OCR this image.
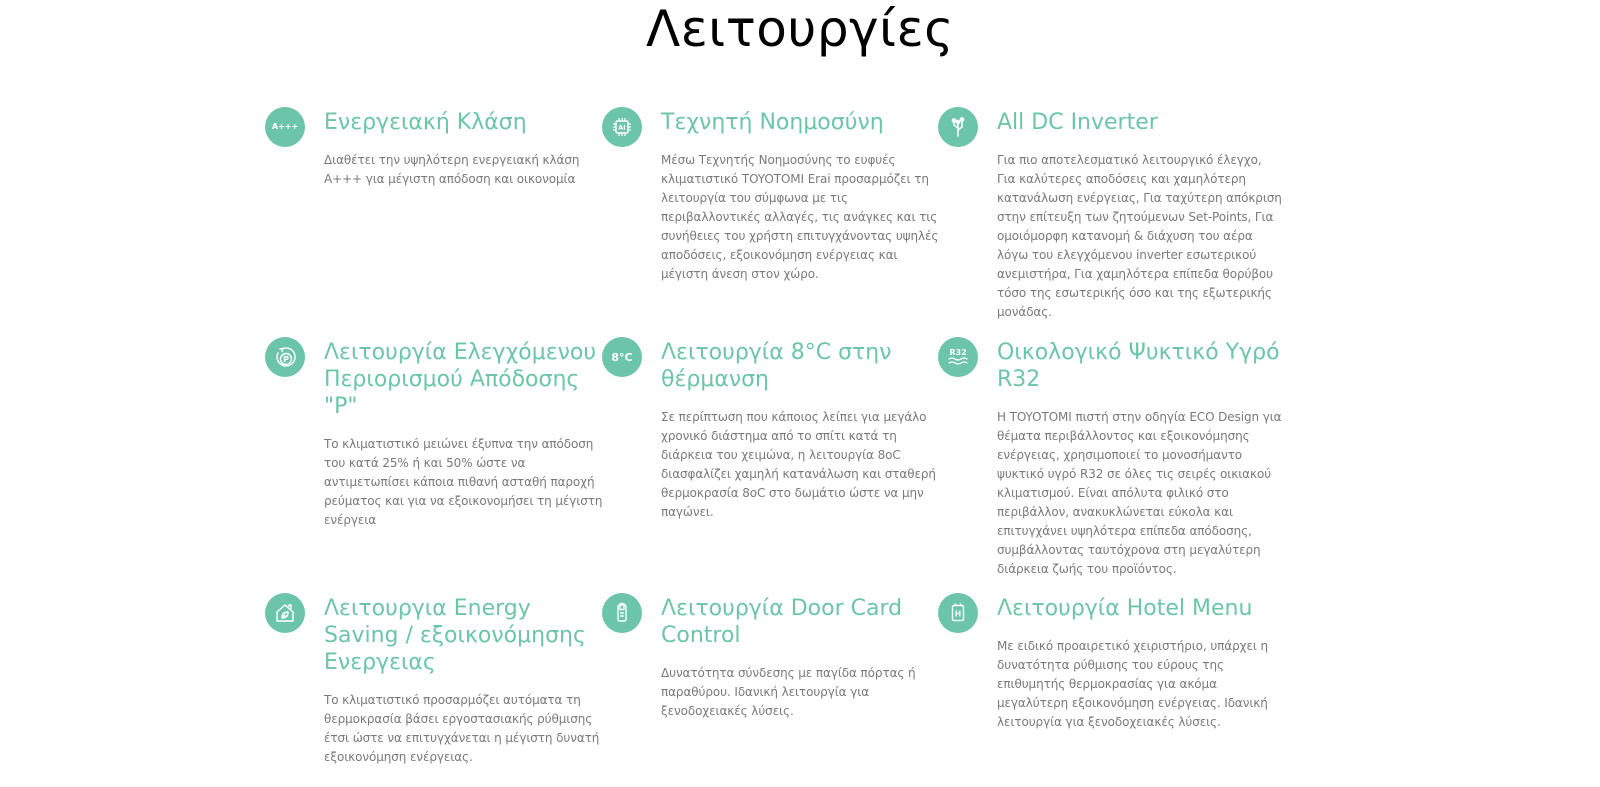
Λειτουργίες
A+++ Ενεργειακή Κλάση

Διαθέτει την υψηλότερη ενεργειακή κλάση A+++ για μέγιστη απόδοση και οικονομία

AI Τεχνητή Νοημοσύνη

Μέσω Τεχνητής Νοημοσύνης το ευφυές κλιματιστικό TOYOTOMI Erai προσαρμόζει τη λειτουργία του σύμφωνα με τις περιβαλλοντικές αλλαγές, τις ανάγκες και τις συνήθειες του χρήστη επιτυγχάνοντας υψηλές αποδόσεις, εξοικονόμηση ενέργειας και μέγιστη άνεση στον χώρο.

All DC Inverter

Για πιο αποτελεσματικό λειτουργικό έλεγχο, Για καλύτερες αποδόσεις και χαμηλότερη κατανάλωση ενέργειας, Για ταχύτερη απόκριση στην επίτευξη των ζητούμενων Set-Points, Για ομοιόμορφη κατανομή & διάχυση του αέρα λόγω του ελεγχόμενου inverter εσωτερικού ανεμιστήρα, Για χαμηλότερα επίπεδα θορύβου τόσο της εσωτερικής όσο και της εξωτερικής μονάδας.

P Λειτουργία Ελεγχόμενου Περιορισμού Απόδοσης "P"

Το κλιματιστικό μειώνει έξυπνα την απόδοση του κατά 25% ή και 50% ώστε να αντιμετωπίσει κάποια πιθανή ασταθή παροχή ρεύματος και για να εξοικονομήσει τη μέγιστη ενέργεια

8°C Λειτουργία 8°C στην θέρμανση

Σε περίπτωση που κάποιος λείπει για μεγάλο χρονικό διάστημα από το σπίτι κατά τη διάρκεια του χειμώνα, η λειτουργία 8oC διασφαλίζει χαμηλή κατανάλωση και σταθερή θερμοκρασία 8oC στο δωμάτιο ώστε να μην παγώνει.

R32 Οικολογικό Ψυκτικό Υγρό R32

Η TOYOTOMI πιστή στην οδηγία ECO Design για θέματα περιβάλλοντος και εξοικονόμησης ενέργειας, χρησιμοποιεί το μονοσήμαντο ψυκτικό υγρό R32 σε όλες τις σειρές οικιακού κλιματισμού. Είναι απόλυτα φιλικό στο περιβάλλον, ανακυκλώνεται εύκολα και επιτυγχάνει υψηλότερα επίπεδα απόδοσης, συμβάλλοντας ταυτόχρονα στη μεγαλύτερη διάρκεια ζωής του προϊόντος.

Λειτουργια Energy Saving / εξοικονόμησης Ενεργειας

Το κλιματιστικό προσαρμόζει αυτόματα τη θερμοκρασία βάσει εργοστασιακής ρύθμισης έτσι ώστε να επιτυγχάνεται η μέγιστη δυνατή εξοικονόμηση ενέργειας.

Λειτουργία Door Card Control

Δυνατότητα σύνδεσης με παγίδα πόρτας ή παραθύρου. Ιδανική λειτουργία για ξενοδοχειακές λύσεις.

H Λειτουργία Hotel Menu

Με ειδικό προαιρετικό χειριστήριο, υπάρχει η δυνατότητα ρύθμισης του εύρους της επιθυμητής θερμοκρασίας για ακόμα μεγαλύτερη εξοικονόμηση ενέργειας. Ιδανική λειτουργία για ξενοδοχειακές λύσεις.
